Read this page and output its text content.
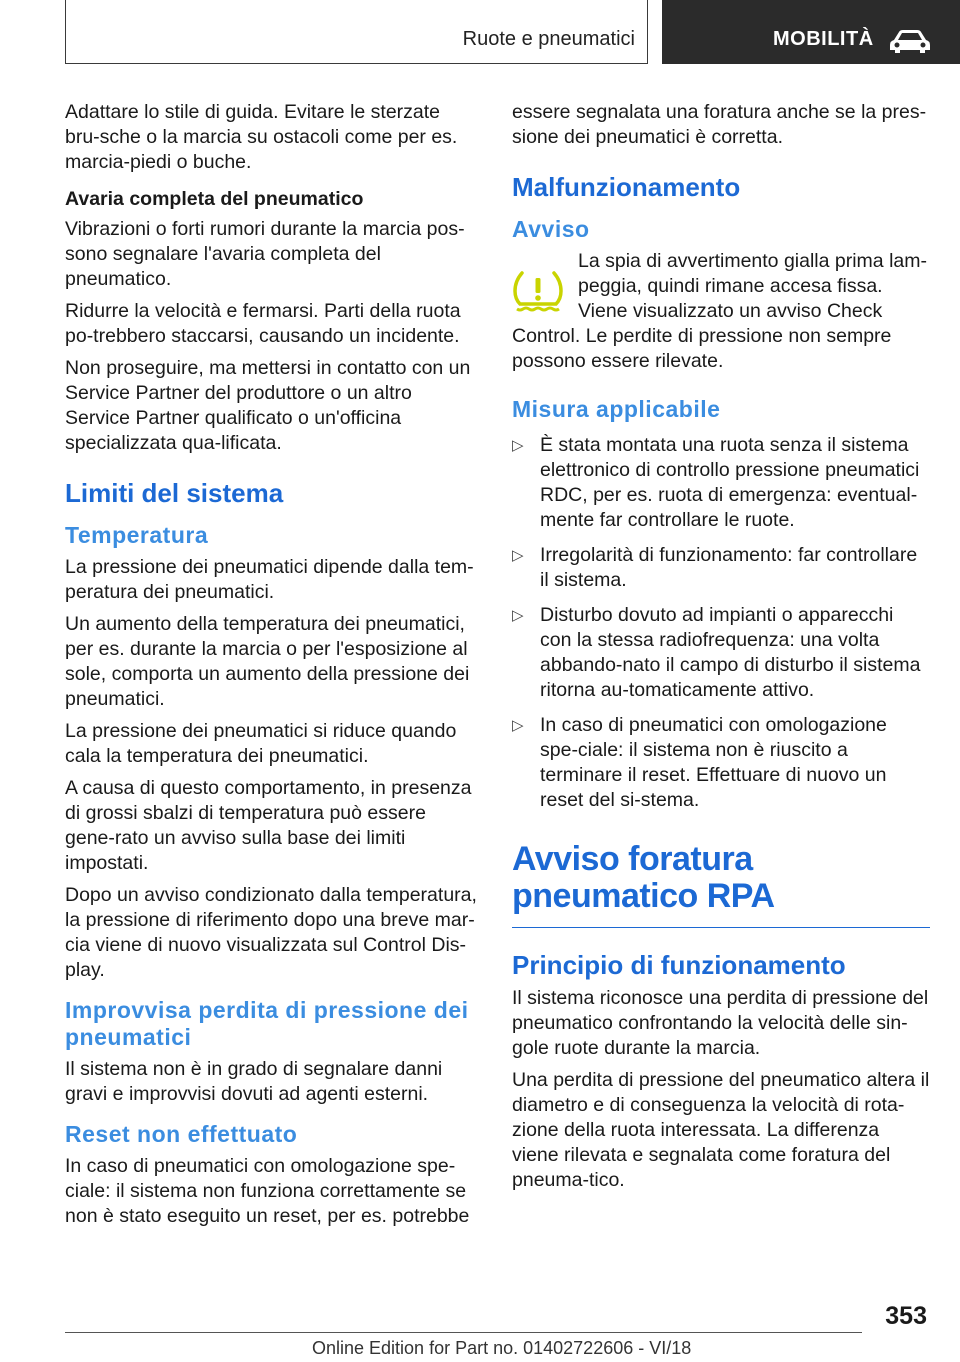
Ruote e pneumatici	MOBILITÀ

Adattare lo stile di guida. Evitare le sterzate bru-sche o la marcia su ostacoli come per es. marcia-piedi o buche.

Avaria completa del pneumatico

Vibrazioni o forti rumori durante la marcia pos-sono segnalare l'avaria completa del pneumatico.

Ridurre la velocità e fermarsi. Parti della ruota po-trebbero staccarsi, causando un incidente.

Non proseguire, ma mettersi in contatto con un Service Partner del produttore o un altro Service Partner qualificato o un'officina specializzata qua-lificata.

Limiti del sistema
Temperatura

La pressione dei pneumatici dipende dalla tem-peratura dei pneumatici.

Un aumento della temperatura dei pneumatici, per es. durante la marcia o per l'esposizione al sole, comporta un aumento della pressione dei pneumatici.

La pressione dei pneumatici si riduce quando cala la temperatura dei pneumatici.

A causa di questo comportamento, in presenza di grossi sbalzi di temperatura può essere gene-rato un avviso sulla base dei limiti impostati.

Dopo un avviso condizionato dalla temperatura, la pressione di riferimento dopo una breve mar-cia viene di nuovo visualizzata sul Control Dis-play.

Improvvisa perdita di pressione dei pneumatici

Il sistema non è in grado di segnalare danni gravi e improvvisi dovuti ad agenti esterni.

Reset non effettuato

In caso di pneumatici con omologazione spe-ciale: il sistema non funziona correttamente se non è stato eseguito un reset, per es. potrebbe

essere segnalata una foratura anche se la pres-sione dei pneumatici è corretta.

Malfunzionamento
Avviso

La spia di avvertimento gialla prima lam-peggia, quindi rimane accesa fissa. Viene visualizzato un avviso Check Control. Le perdite di pressione non sempre possono essere rilevate.

Misura applicabile
▷ È stata montata una ruota senza il sistema elettronico di controllo pressione pneumatici RDC, per es. ruota di emergenza: eventual-mente far controllare le ruote.
▷ Irregolarità di funzionamento: far controllare il sistema.
▷ Disturbo dovuto ad impianti o apparecchi con la stessa radiofrequenza: una volta abbando-nato il campo di disturbo il sistema ritorna au-tomaticamente attivo.
▷ In caso di pneumatici con omologazione spe-ciale: il sistema non è riuscito a terminare il reset. Effettuare di nuovo un reset del si-stema.
Avviso foratura pneumatico RPA
Principio di funzionamento

Il sistema riconosce una perdita di pressione del pneumatico confrontando la velocità delle sin-gole ruote durante la marcia.

Una perdita di pressione del pneumatico altera il diametro e di conseguenza la velocità di rota-zione della ruota interessata. La differenza viene rilevata e segnalata come foratura del pneuma-tico.

353
Online Edition for Part no. 01402722606 - VI/18
